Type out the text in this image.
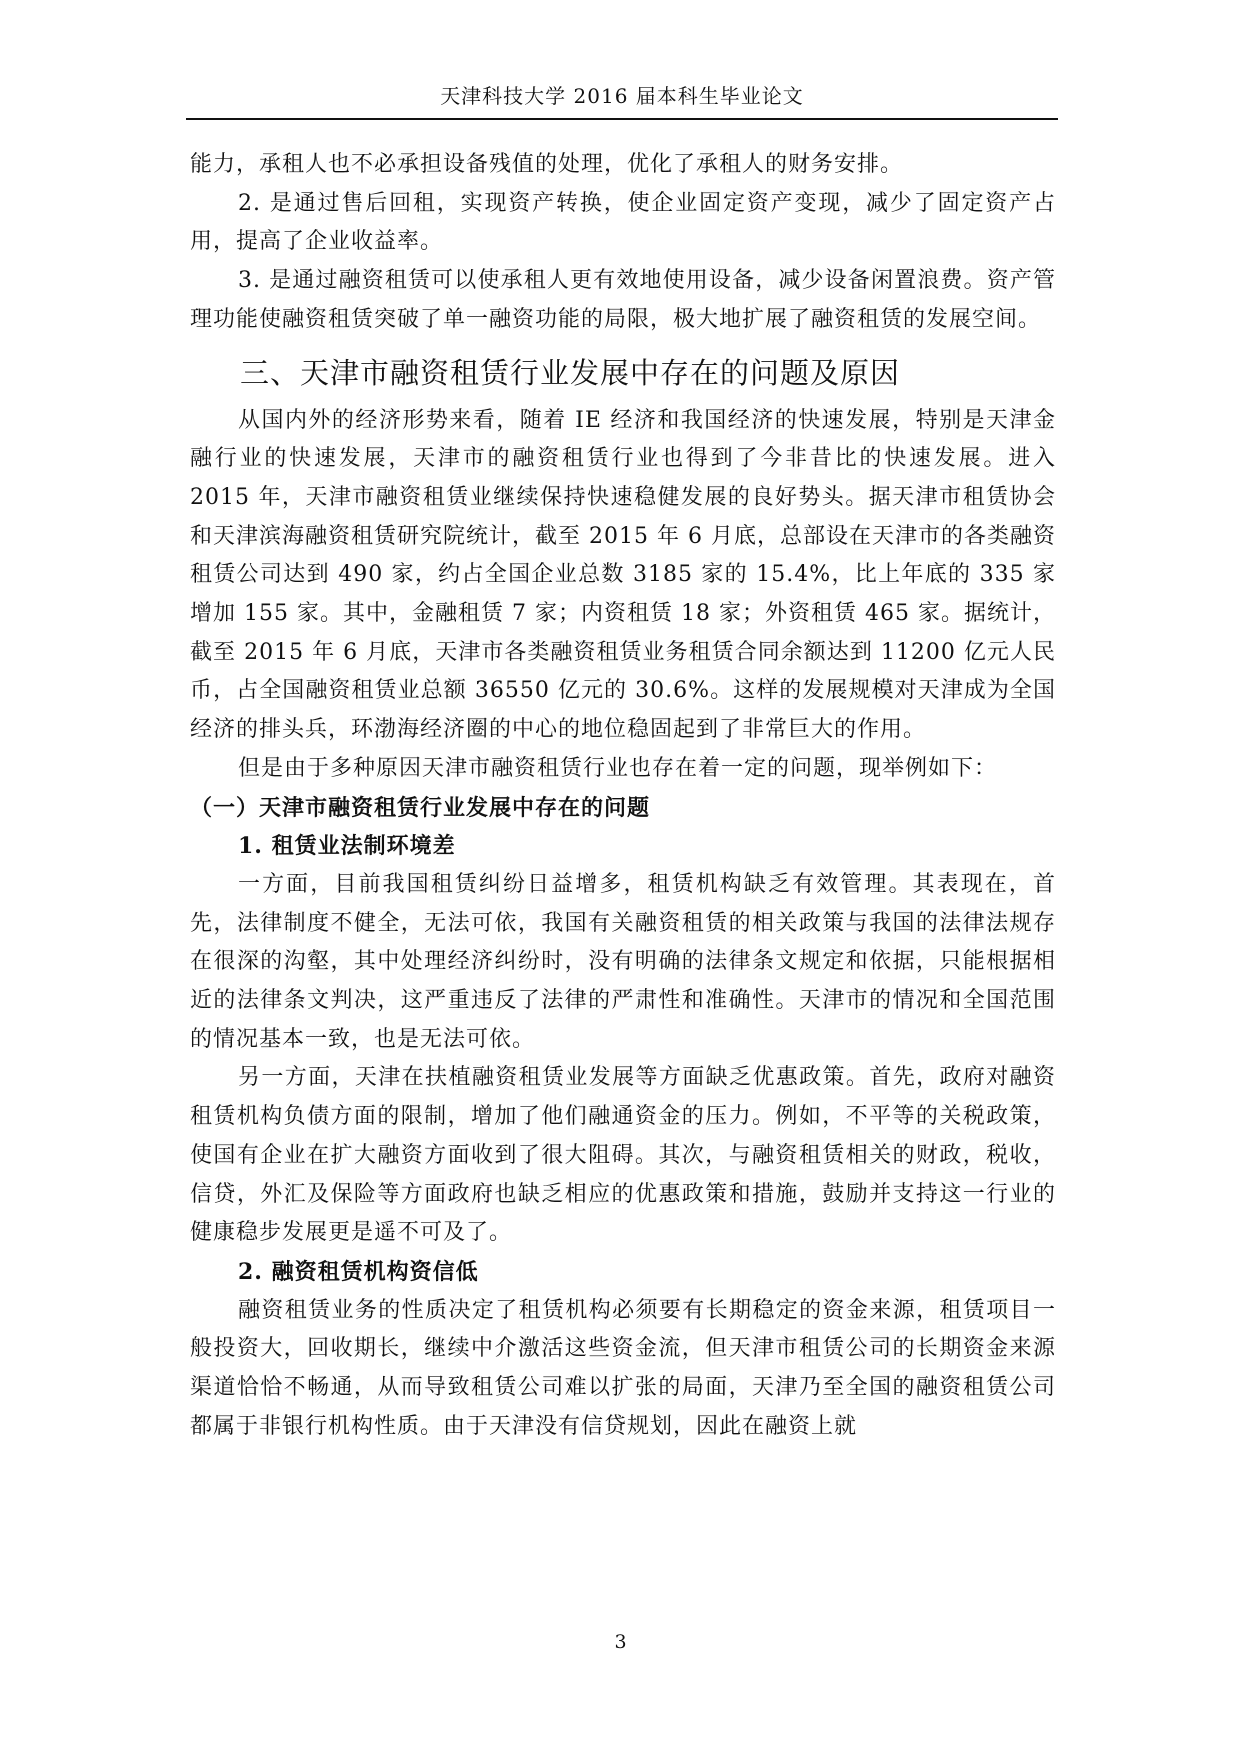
天津科技大学 2016 届本科生毕业论文

能力，承租人也不必承担设备残值的处理，优化了承租人的财务安排。

2. 是通过售后回租，实现资产转换，使企业固定资产变现，减少了固定资产占用，提高了企业收益率。

3. 是通过融资租赁可以使承租人更有效地使用设备，减少设备闲置浪费。资产管理功能使融资租赁突破了单一融资功能的局限，极大地扩展了融资租赁的发展空间。

三、天津市融资租赁行业发展中存在的问题及原因

从国内外的经济形势来看，随着 IE 经济和我国经济的快速发展，特别是天津金融行业的快速发展，天津市的融资租赁行业也得到了今非昔比的快速发展。进入 2015 年，天津市融资租赁业继续保持快速稳健发展的良好势头。据天津市租赁协会和天津滨海融资租赁研究院统计，截至 2015 年 6 月底，总部设在天津市的各类融资租赁公司达到 490 家，约占全国企业总数 3185 家的 15.4%，比上年底的 335 家增加 155 家。其中，金融租赁 7 家；内资租赁 18 家；外资租赁 465 家。据统计，截至 2015 年 6 月底，天津市各类融资租赁业务租赁合同余额达到 11200 亿元人民币，占全国融资租赁业总额 36550 亿元的 30.6%。这样的发展规模对天津成为全国经济的排头兵，环渤海经济圈的中心的地位稳固起到了非常巨大的作用。

但是由于多种原因天津市融资租赁行业也存在着一定的问题，现举例如下：

（一）天津市融资租赁行业发展中存在的问题
1. 租赁业法制环境差

一方面，目前我国租赁纠纷日益增多，租赁机构缺乏有效管理。其表现在，首先，法律制度不健全，无法可依，我国有关融资租赁的相关政策与我国的法律法规存在很深的沟壑，其中处理经济纠纷时，没有明确的法律条文规定和依据，只能根据相近的法律条文判决，这严重违反了法律的严肃性和准确性。天津市的情况和全国范围的情况基本一致，也是无法可依。

另一方面，天津在扶植融资租赁业发展等方面缺乏优惠政策。首先，政府对融资租赁机构负债方面的限制，增加了他们融通资金的压力。例如，不平等的关税政策，使国有企业在扩大融资方面收到了很大阻碍。其次，与融资租赁相关的财政，税收，信贷，外汇及保险等方面政府也缺乏相应的优惠政策和措施，鼓励并支持这一行业的健康稳步发展更是遥不可及了。

2. 融资租赁机构资信低

融资租赁业务的性质决定了租赁机构必须要有长期稳定的资金来源，租赁项目一般投资大，回收期长，继续中介激活这些资金流，但天津市租赁公司的长期资金来源渠道恰恰不畅通，从而导致租赁公司难以扩张的局面，天津乃至全国的融资租赁公司都属于非银行机构性质。由于天津没有信贷规划，因此在融资上就

3
